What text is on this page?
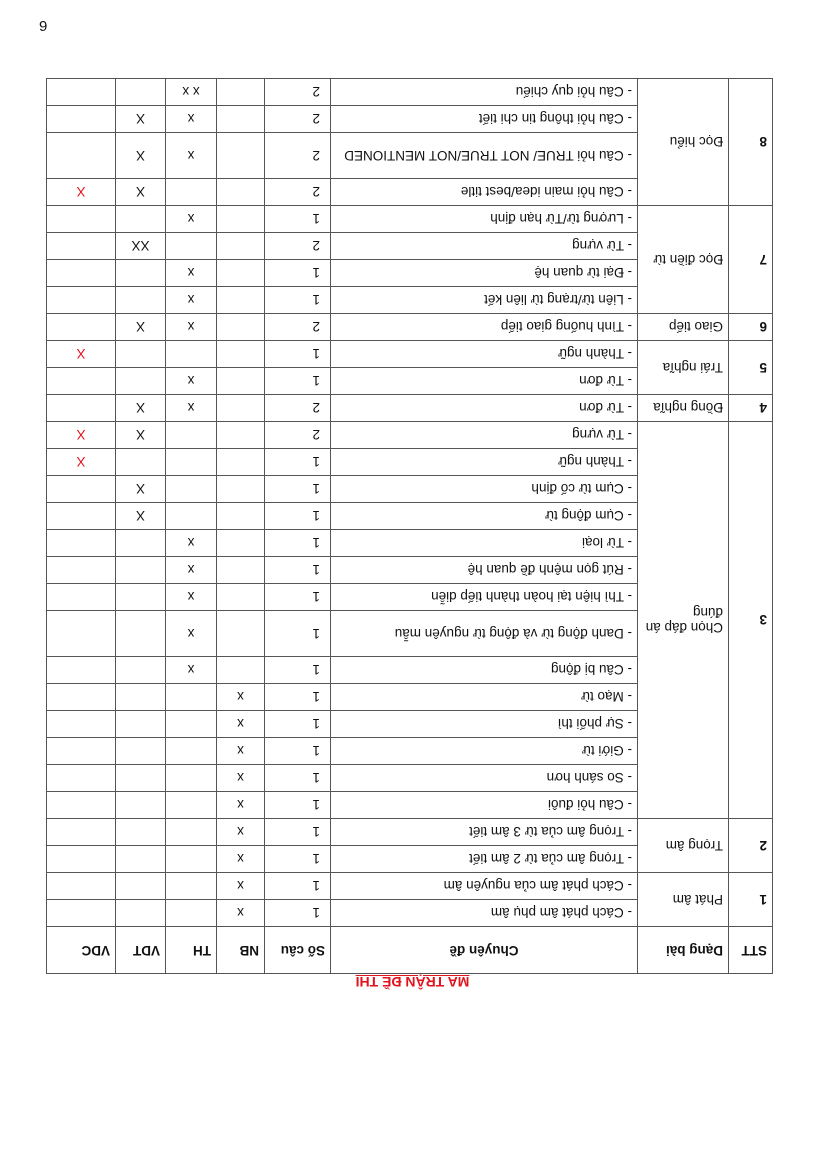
9
MA TRẬN ĐỀ THI
STT	Dạng bài	Chuyên đề	Số câu	NB	TH	VDT	VDC
1	Phát âm	- Cách phát âm phụ âm	1	x			
		- Cách phát âm của nguyên âm	1	x			
2	Trọng âm	- Trọng âm của từ 2 âm tiết	1	x			
		- Trọng âm của từ 3 âm tiết	1	x			
3	Chọn đáp án đúng	- Câu hỏi đuôi	1	x			
		- So sánh hơn	1	x			
		- Giới từ	1	x			
		- Sự phối thì	1	x			
		- Mạo từ	1	x			
		- Câu bị động	1		x		
		- Danh động từ và động từ nguyên mẫu	1		x		
		- Thì hiện tại hoàn thành tiếp diễn	1		x		
		- Rút gọn mệnh đề quan hệ	1		x		
		- Từ loại	1		x		
		- Cụm động từ	1			X	
		- Cụm từ cố định	1			X	
		- Thành ngữ	1				X
		- Từ vựng	2			X	X
4	Đồng nghĩa	- Từ đơn	2		x	X	
5	Trái nghĩa	- Từ đơn	1		x		
		- Thành ngữ	1				X
6	Giao tiếp	- Tình huống giao tiếp	2		x	X	
7	Đọc điền từ	- Liên từ/trạng từ liên kết	1		x		
		- Đại từ quan hệ	1		x		
		- Từ vựng	2			XX	
		- Lượng từ/Từ hạn định	1		x		
8	Đọc hiểu	- Câu hỏi main idea/best title	2			X	X
		- Câu hỏi TRUE/ NOT TRUE/NOT MENTIONED	2		x	X	
		- Câu hỏi thông tin chi tiết	2		x	X	
		- Câu hỏi quy chiếu	2		x x		
